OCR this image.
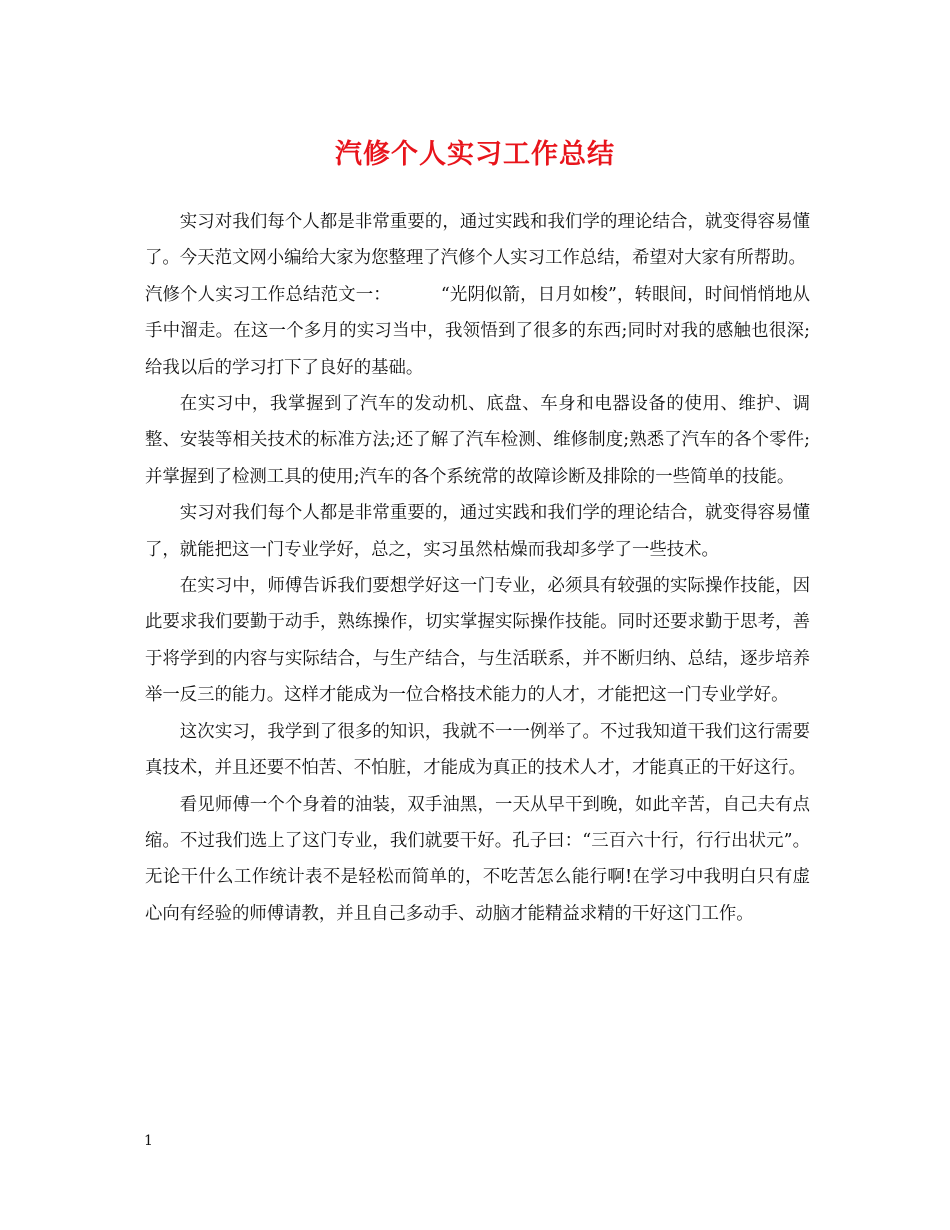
汽修个人实习工作总结

实习对我们每个人都是非常重要的，通过实践和我们学的理论结合，就变得容易懂了。今天范文网小编给大家为您整理了汽修个人实习工作总结，希望对大家有所帮助。

汽修个人实习工作总结范文一：	“光阴似箭，日月如梭”，转眼间，时间悄悄地从手中溜走。在这一个多月的实习当中，我领悟到了很多的东西;同时对我的感触也很深;给我以后的学习打下了良好的基础。

在实习中，我掌握到了汽车的发动机、底盘、车身和电器设备的使用、维护、调整、安装等相关技术的标准方法;还了解了汽车检测、维修制度;熟悉了汽车的各个零件;并掌握到了检测工具的使用;汽车的各个系统常的故障诊断及排除的一些简单的技能。

实习对我们每个人都是非常重要的，通过实践和我们学的理论结合，就变得容易懂了，就能把这一门专业学好，总之，实习虽然枯燥而我却多学了一些技术。

在实习中，师傅告诉我们要想学好这一门专业，必须具有较强的实际操作技能，因此要求我们要勤于动手，熟练操作，切实掌握实际操作技能。同时还要求勤于思考，善于将学到的内容与实际结合，与生产结合，与生活联系，并不断归纳、总结，逐步培养举一反三的能力。这样才能成为一位合格技术能力的人才，才能把这一门专业学好。

这次实习，我学到了很多的知识，我就不一一例举了。不过我知道干我们这行需要真技术，并且还要不怕苦、不怕脏，才能成为真正的技术人才，才能真正的干好这行。

看见师傅一个个身着的油装，双手油黑，一天从早干到晚，如此辛苦，自己夫有点缩。不过我们选上了这门专业，我们就要干好。孔子曰：“三百六十行，行行出状元”。无论干什么工作统计表不是轻松而简单的，不吃苦怎么能行啊!在学习中我明白只有虚心向有经验的师傅请教，并且自己多动手、动脑才能精益求精的干好这门工作。

1
